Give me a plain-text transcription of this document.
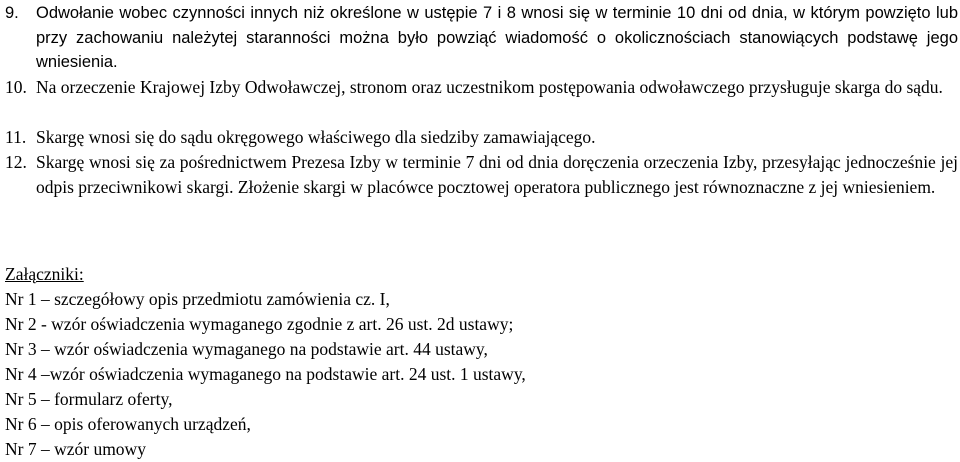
9. Odwołanie wobec czynności innych niż określone w ustępie 7 i 8 wnosi się w terminie 10 dni od dnia, w którym powzięto lub przy zachowaniu należytej staranności można było powziąć wiadomość o okolicznościach stanowiących podstawę jego wniesienia.
10. Na orzeczenie Krajowej Izby Odwoławczej, stronom oraz uczestnikom postępowania odwoławczego przysługuje skarga do sądu.
11. Skargę wnosi się do sądu okręgowego właściwego dla siedziby zamawiającego.
12. Skargę wnosi się za pośrednictwem Prezesa Izby w terminie 7 dni od dnia doręczenia orzeczenia Izby, przesyłając jednocześnie jej odpis przeciwnikowi skargi. Złożenie skargi w placówce pocztowej operatora publicznego jest równoznaczne z jej wniesieniem.

Załączniki:

Nr 1 – szczegółowy opis przedmiotu zamówienia cz. I,

Nr 2 - wzór oświadczenia wymaganego zgodnie z art. 26 ust. 2d ustawy;

Nr 3 – wzór oświadczenia wymaganego na podstawie art. 44 ustawy,

Nr 4 –wzór oświadczenia wymaganego na podstawie art. 24 ust. 1 ustawy,

Nr 5 – formularz oferty,

Nr 6 – opis oferowanych urządzeń,

Nr 7 – wzór umowy
